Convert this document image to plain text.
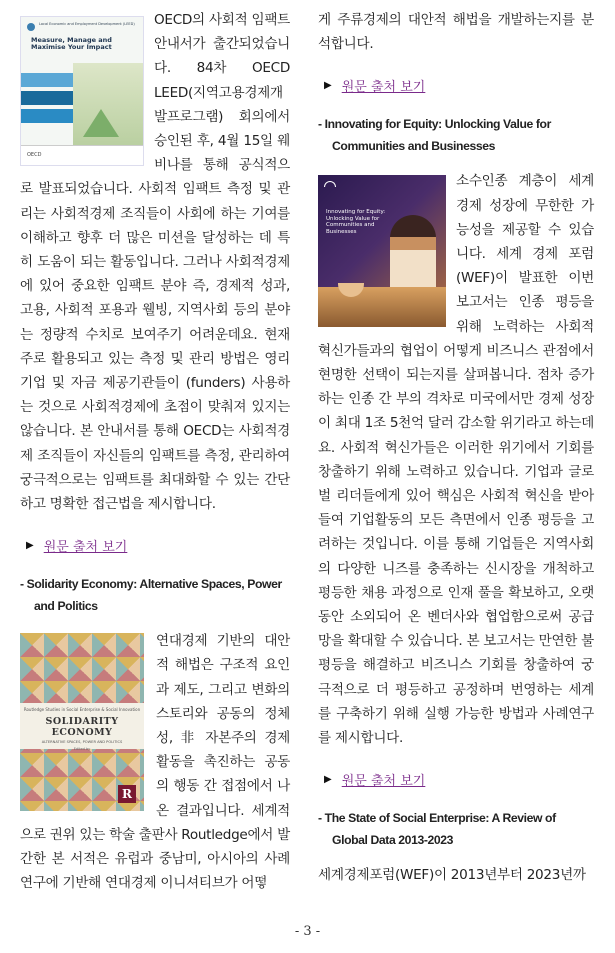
Local Economic and Employment Development (LEED)
Measure, Manage and Maximise Your Impact
OECD

OECD의 사회적 임팩트 안내서가 출간되었습니다. 84차 OECD LEED(지역고용경제개발프로그램) 회의에서 승인된 후, 4월 15일 웨비나를 통해 공식적으로 발표되었습니다. 사회적 임팩트 측정 및 관리는 사회적경제 조직들이 사회에 하는 기여를 이해하고 향후 더 많은 미션을 달성하는 데 특히 도움이 되는 활동입니다. 그러나 사회적경제에 있어 중요한 임팩트 분야 즉, 경제적 성과, 고용, 사회적 포용과 웰빙, 지역사회 등의 분야는 정량적 수치로 보여주기 어려운데요. 현재 주로 활용되고 있는 측정 및 관리 방법은 영리기업 및 자금 제공기관들이 (funders) 사용하는 것으로 사회적경제에 초점이 맞춰져 있지는 않습니다. 본 안내서를 통해 OECD는 사회적경제 조직들이 자신들의 임팩트를 측정, 관리하여 궁극적으로는 임팩트를 최대화할 수 있는 간단하고 명확한 접근법을 제시합니다.

▶ 원문 출처 보기
- Solidarity Economy: Alternative Spaces, Power and Politics
Routledge Studies in Social Enterprise & Social Innovation
SOLIDARITY ECONOMY
ALTERNATIVE SPACES, POWER AND POLITICS
Edited by
R

연대경제 기반의 대안적 해법은 구조적 요인과 제도, 그리고 변화의 스토리와 공동의 정체성, 非 자본주의 경제 활동을 촉진하는 공동의 행동 간 접점에서 나온 결과입니다. 세계적으로 권위 있는 학술 출판사 Routledge에서 발간한 본 서적은 유럽과 중남미, 아시아의 사례연구에 기반해 연대경제 이니셔티브가 어떻

게 주류경제의 대안적 해법을 개발하는지를 분석합니다.

▶ 원문 출처 보기
- Innovating for Equity: Unlocking Value for Communities and Businesses
Innovating for Equity: Unlocking Value for Communities and Businesses

소수인종 계층이 세계 경제 성장에 무한한 가능성을 제공할 수 있습니다. 세계 경제 포럼(WEF)이 발표한 이번 보고서는 인종 평등을 위해 노력하는 사회적 혁신가들과의 협업이 어떻게 비즈니스 관점에서 현명한 선택이 되는지를 살펴봅니다. 점차 증가하는 인종 간 부의 격차로 미국에서만 경제 성장이 최대 1조 5천억 달러 감소할 위기라고 하는데요. 사회적 혁신가들은 이러한 위기에서 기회를 창출하기 위해 노력하고 있습니다. 기업과 글로벌 리더들에게 있어 핵심은 사회적 혁신을 받아들여 기업활동의 모든 측면에서 인종 평등을 고려하는 것입니다. 이를 통해 기업들은 지역사회의 다양한 니즈를 충족하는 신시장을 개척하고 평등한 채용 과정으로 인재 풀을 확보하고, 오랫동안 소외되어 온 벤더사와 협업함으로써 공급망을 확대할 수 있습니다. 본 보고서는 만연한 불평등을 해결하고 비즈니스 기회를 창출하여 궁극적으로 더 평등하고 공정하며 번영하는 세계를 구축하기 위해 실행 가능한 방법과 사례연구를 제시합니다.

▶ 원문 출처 보기
- The State of Social Enterprise: A Review of Global Data 2013-2023

세계경제포럼(WEF)이 2013년부터 2023년까

- 3 -
